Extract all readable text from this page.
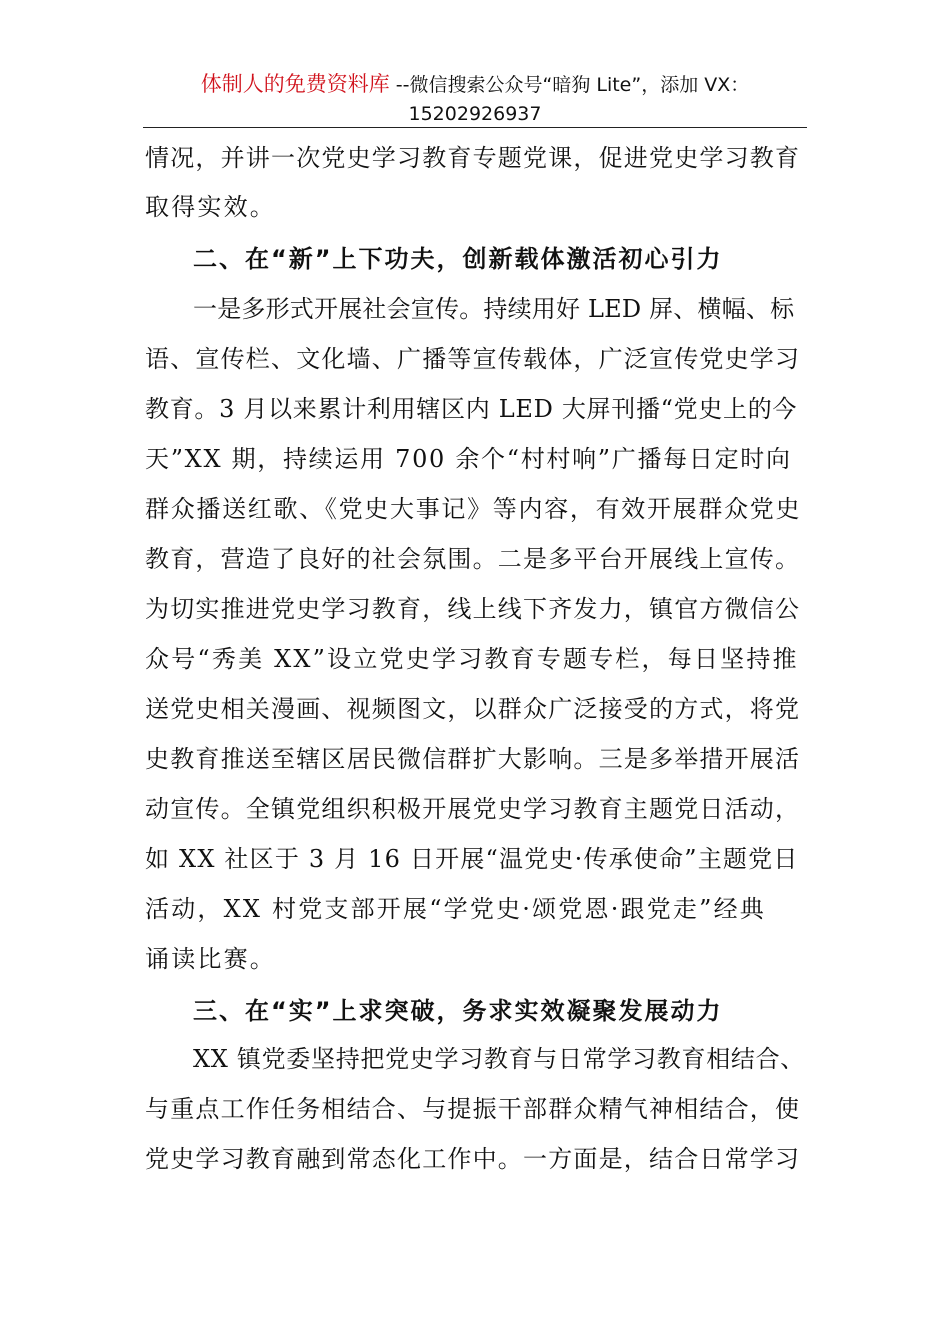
体制人的免费资料库 --微信搜索公众号“暗狗 Lite”，添加 VX：
15202926937
情况，并讲一次党史学习教育专题党课，促进党史学习教育
取得实效。
二、在“新”上下功夫，创新载体激活初心引力
一是多形式开展社会宣传。持续用好 LED 屏、横幅、标
语、宣传栏、文化墙、广播等宣传载体，广泛宣传党史学习
教育。3 月以来累计利用辖区内 LED 大屏刊播“党史上的今
天”XX 期，持续运用 700 余个“村村响”广播每日定时向
群众播送红歌、《党史大事记》等内容，有效开展群众党史
教育，营造了良好的社会氛围。二是多平台开展线上宣传。
为切实推进党史学习教育，线上线下齐发力，镇官方微信公
众号“秀美 XX”设立党史学习教育专题专栏，每日坚持推
送党史相关漫画、视频图文，以群众广泛接受的方式，将党
史教育推送至辖区居民微信群扩大影响。三是多举措开展活
动宣传。全镇党组织积极开展党史学习教育主题党日活动，
如 XX 社区于 3 月 16 日开展“温党史·传承使命”主题党日
活动，XX 村党支部开展“学党史·颂党恩·跟党走”经典
诵读比赛。
三、在“实”上求突破，务求实效凝聚发展动力
XX 镇党委坚持把党史学习教育与日常学习教育相结合、
与重点工作任务相结合、与提振干部群众精气神相结合，使
党史学习教育融到常态化工作中。一方面是，结合日常学习
